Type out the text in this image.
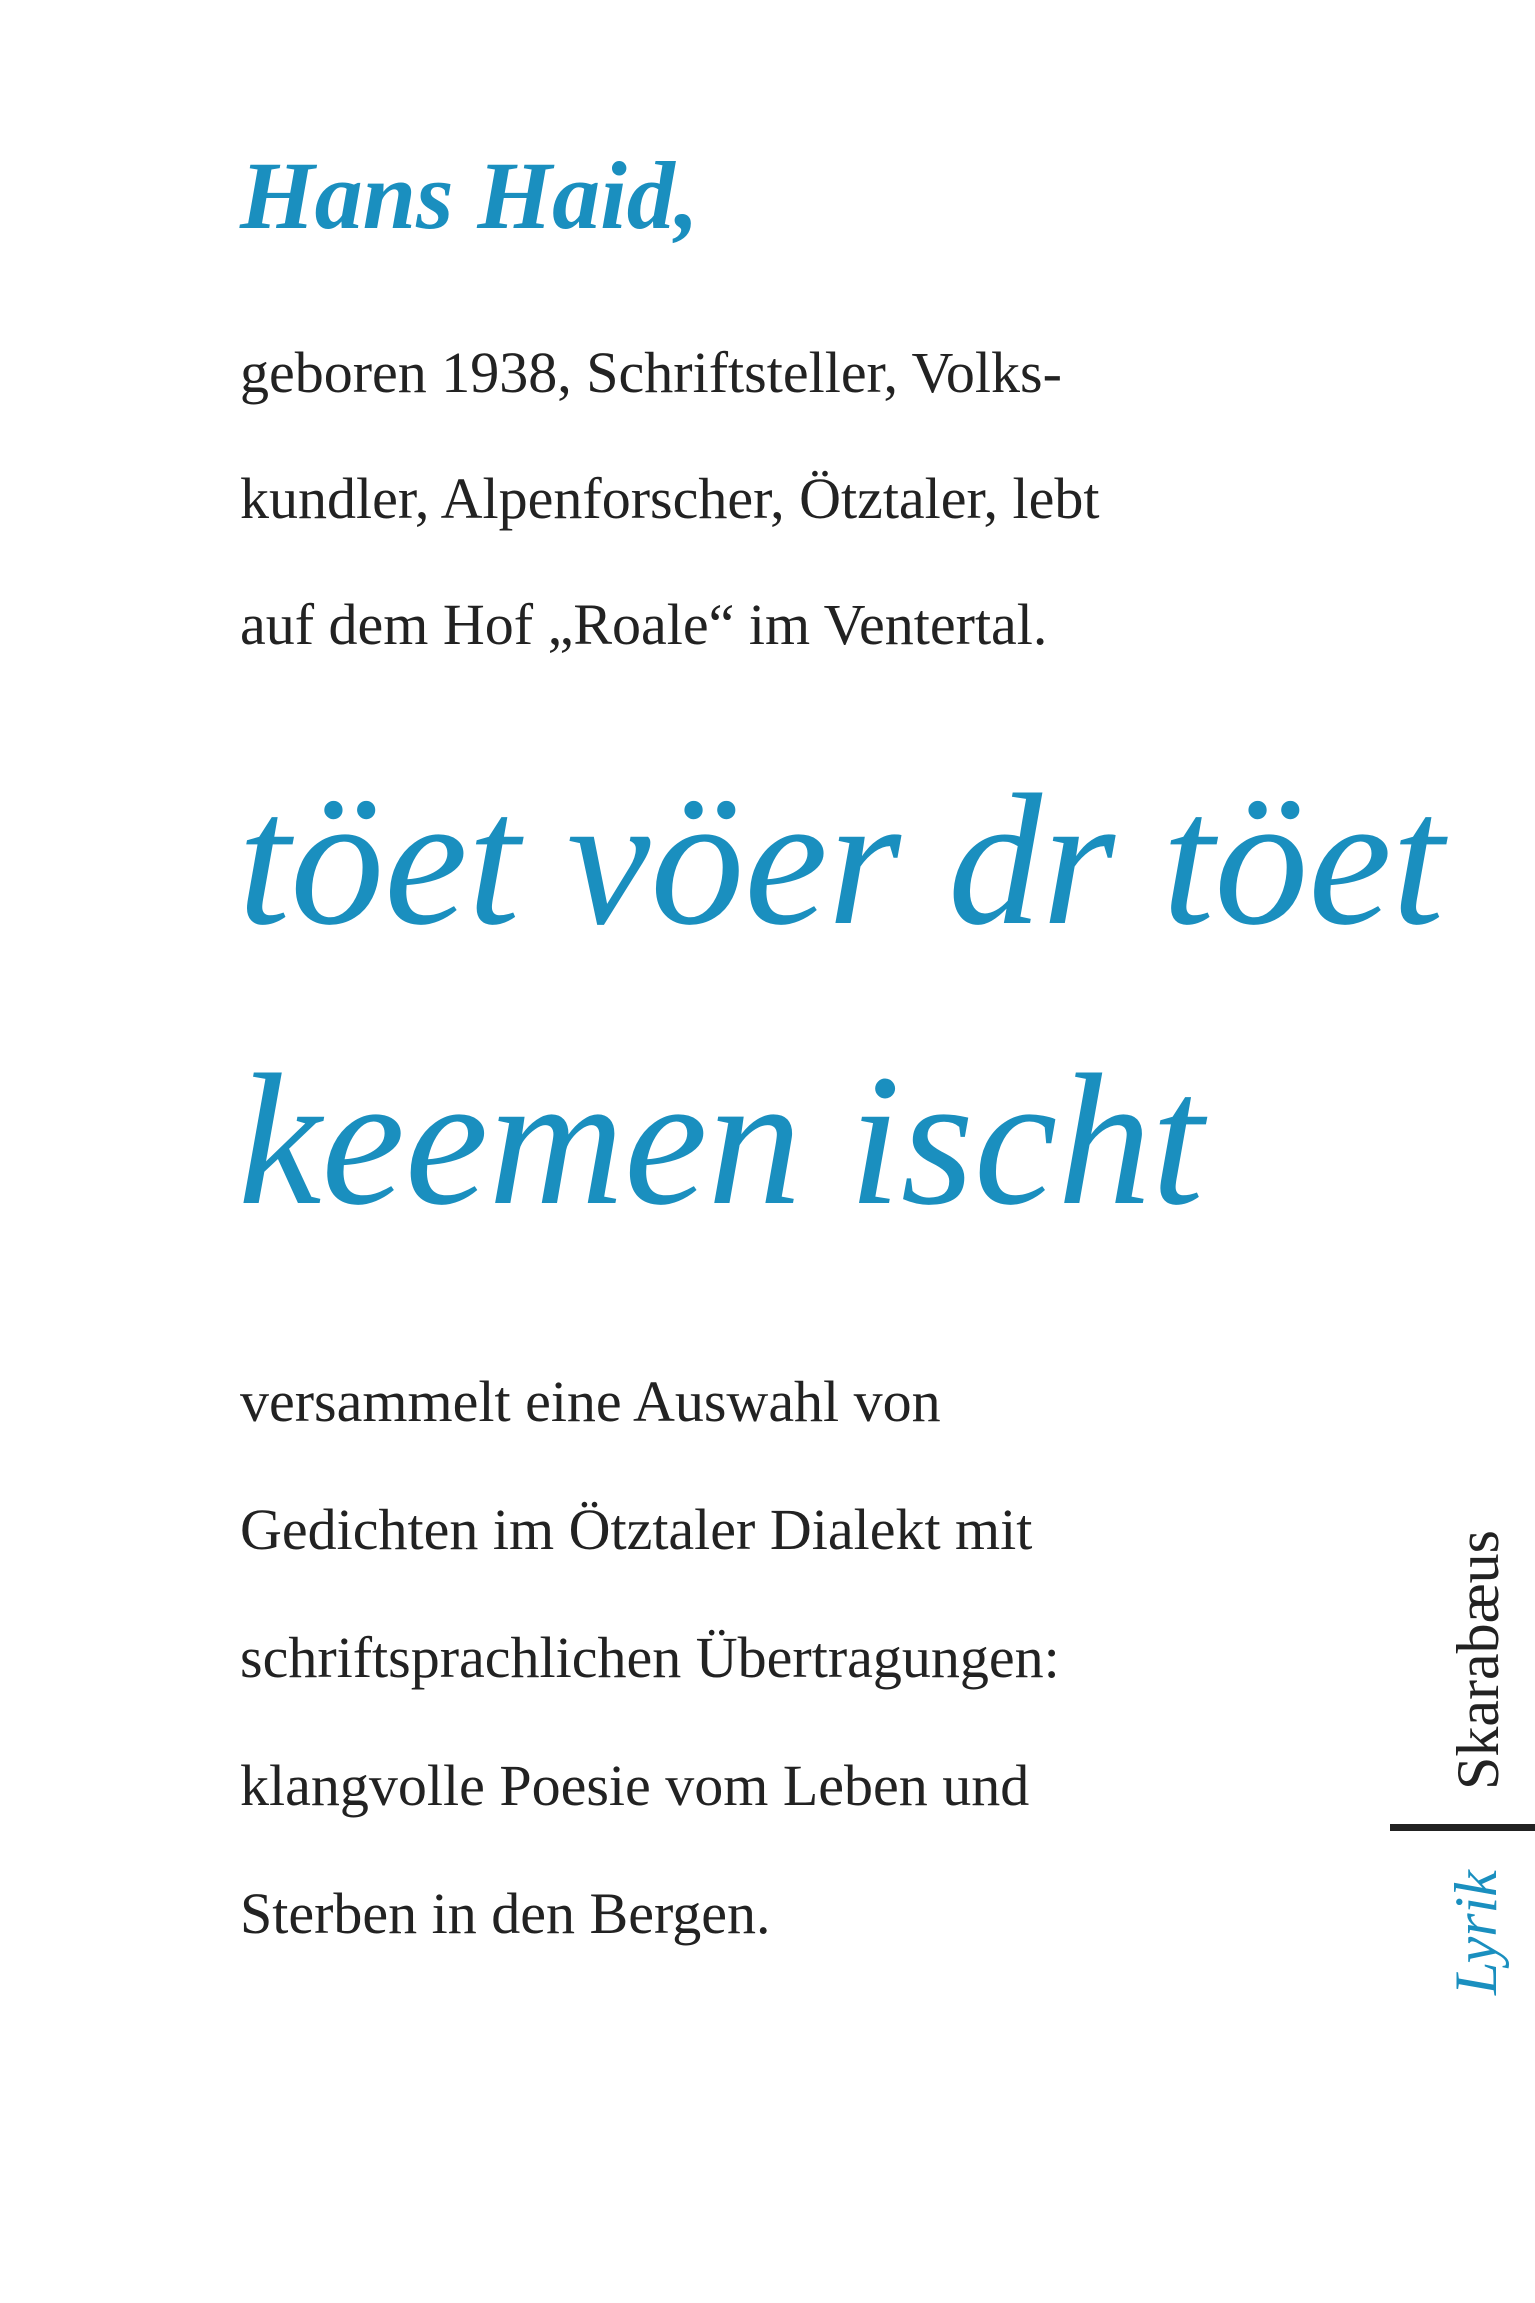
Hans Haid,

geboren 1938, Schriftsteller, Volks-
kundler, Alpenforscher, Ötztaler, lebt
auf dem Hof „Roale“ im Ventertal.

töet vöer dr töet
keemen ischt

versammelt eine Auswahl von
Gedichten im Ötztaler Dialekt mit
schriftsprachlichen Übertragungen:
klangvolle Poesie vom Leben und
Sterben in den Bergen.

Skarabæus
Lyrik
